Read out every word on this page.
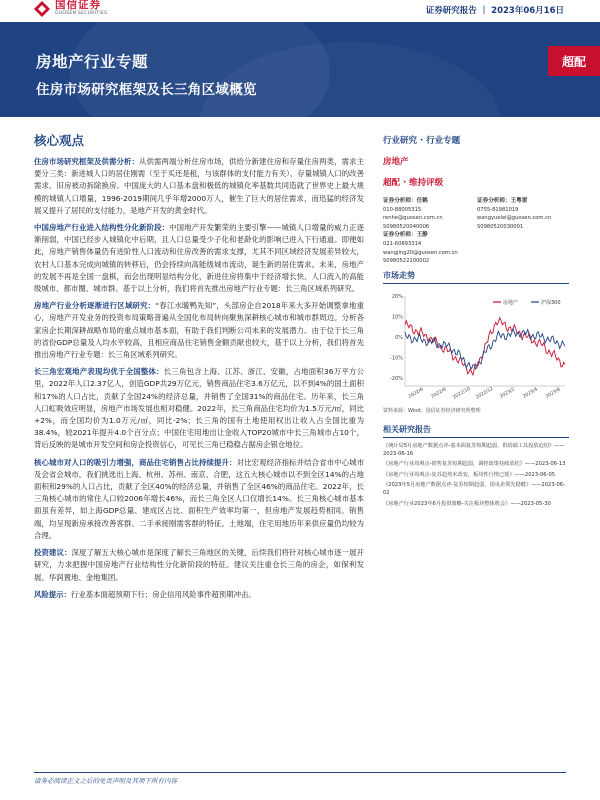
国信证券
GUOSEN SECURITIES	证券研究报告 ｜ 2023年06月16日
房地产行业专题
住房市场研究框架及长三角区域概览
超配
核心观点
住房市场研究框架及供需分析：从供需两端分析住房市场，供给分新建住房和存量住房两类，需求主要分三类：新进城人口的居住刚需（至于买还是租，与该群体的支付能力有关）、存量城镇人口的改善需求、旧房被动拆除换房。中国庞大的人口基本盘和极低的城镇化率基数共同造就了世界史上最大规模的城镇人口增量，1996-2019期间几乎年增2000万人，催生了巨大的居住需求，而迅猛的经济发展又提升了居民的支付能力，是地产开发的黄金时代。
中国房地产行业进入结构性分化新阶段：中国地产开发繁荣的主要引擎——城镇人口增量的威力正逐渐削弱，中国已经步入城镇化中后期，且人口总量受少子化和老龄化的影响已进入下行通道。即便如此，房地产销售体量仍有进阶性人口流动和住房改善的需求支撑，尤其不同区域经济发展差异较大，农村人口基本完成向城镇的转移后，仍会持续向高能级城市流动，诞生新的居住需求。未来，房地产的发展不再是全国一盘棋，而会出现明显结构分化，新进住房将集中于经济增长快、人口流入的高能级城市、都市圈、城市群。基于以上分析，我们将首先推出房地产行业专题：长三角区域系列研究。
房地产行业分析逐渐进行区域研究：“春江水暖鸭先知”，头部房企自2018年来大多开始调整拿地重心，房地产开发业务的投资布局策略普遍从全国化布局转向聚焦深耕核心城市和城市群周边。分析各家房企长期深耕战略布局的重点城市基本面，有助于我们判断公司未来的发展潜力。由于位于长三角的省份GDP总量及人均水平较高，且相应商品住宅销售金额贡献也较大，基于以上分析，我们将首先推出房地产行业专题：长三角区域系列研究。
长三角宏观地产表现均优于全国整体：长三角包含上海、江苏、浙江、安徽，占地面积36万平方公里，2022年人口2.37亿人，创造GDP共29万亿元，销售商品住宅3.6万亿元，以不到4%的国土面积和17%的人口占比，贡献了全国24%的经济总量，并销售了全国31%的商品住宅。历年来，长三角人口虹吸效应明显，房地产市场发展也相对稳健。2022年，长三角商品住宅均价为1.5万元/㎡，同比+2%，而全国均价为1.0万元/㎡，同比-2%；长三角的国有土地使用权出让收入占全国比重为38.4%，较2021年提升4.0个百分点；中国住宅用地出让金收入TOP20城市中长三角城市占10个，背后反映的是城市开发空间和房企投资信心，可见长三角已稳稳占据房企银仓地位。
核心城市对人口的吸引力增强，商品住宅销售占比持续提升：对比宏观经济指标并结合省市中心城市及会省会城市，我们挑选出上海、杭州、苏州、南京、合肥，这五大核心城市以不到全区14%的占地面积和29%的人口占比，贡献了全区40%的经济总量，并销售了全区46%的商品住宅。2022年，长三角核心城市的常住人口较2006年增长46%，而长三角全区人口仅增长14%。长三角核心城市基本面虽有差异，如上海GDP总量、建成区占比、面积生产效率均第一，但房地产发展趋势相同。销售端，均呈现新房承接改善客群、二手承接刚需客群的特征。土地端，住宅用地历年来供应量仍均较为合理。
投资建议：深度了解五大核心城市是深度了解长三角地区的关键，后续我们将针对核心城市逐一展开研究，力求把握中国房地产行业结构性分化新阶段的特征。建议关注重仓长三角的房企，如保利发展、华润置地、金地集团。
风险提示：行业基本面超预期下行；房企信用风险事件超预期冲击。
行业研究 · 行业专题
房地产
超配 · 维持评级
证券分析师：任鹤
010-88005315
renhe@guosen.com.cn
S0980520040006
证券分析师：王粤雷
0755-81981019
wangyuelei@guosen.com.cn
S0980520030001
证券分析师：王静
021-60893314
wangjing20@guosen.com.cn
S0980522100002
市场走势
20%
10%
0%
-10%
-20%
2022/6 2022/8 2022/10 2022/12 2023/2 2023/4 2023/6
房地产	沪深300
资料来源：Wind、国信证券经济研究所整理
相关研究报告
《统计局5月房地产数据点评-基本面复苏短期趋弱，供给端工具投放迫切》——2023-06-16
《房地产行业周观点-销售复苏短期趋弱，调控政策持续放松》——2023-06-13
《房地产行业周观点-复苏趋势未改变，板块性行情已现》——2023-06-05
《2023年5月房地产数据点评-复苏短期趋弱，国央企领先稳健》——2023-06-02
《房地产行业2023年6月投资策略-关注板块整体机会》——2023-05-30
请务必阅读正文之后的免责声明及其项下所有内容
